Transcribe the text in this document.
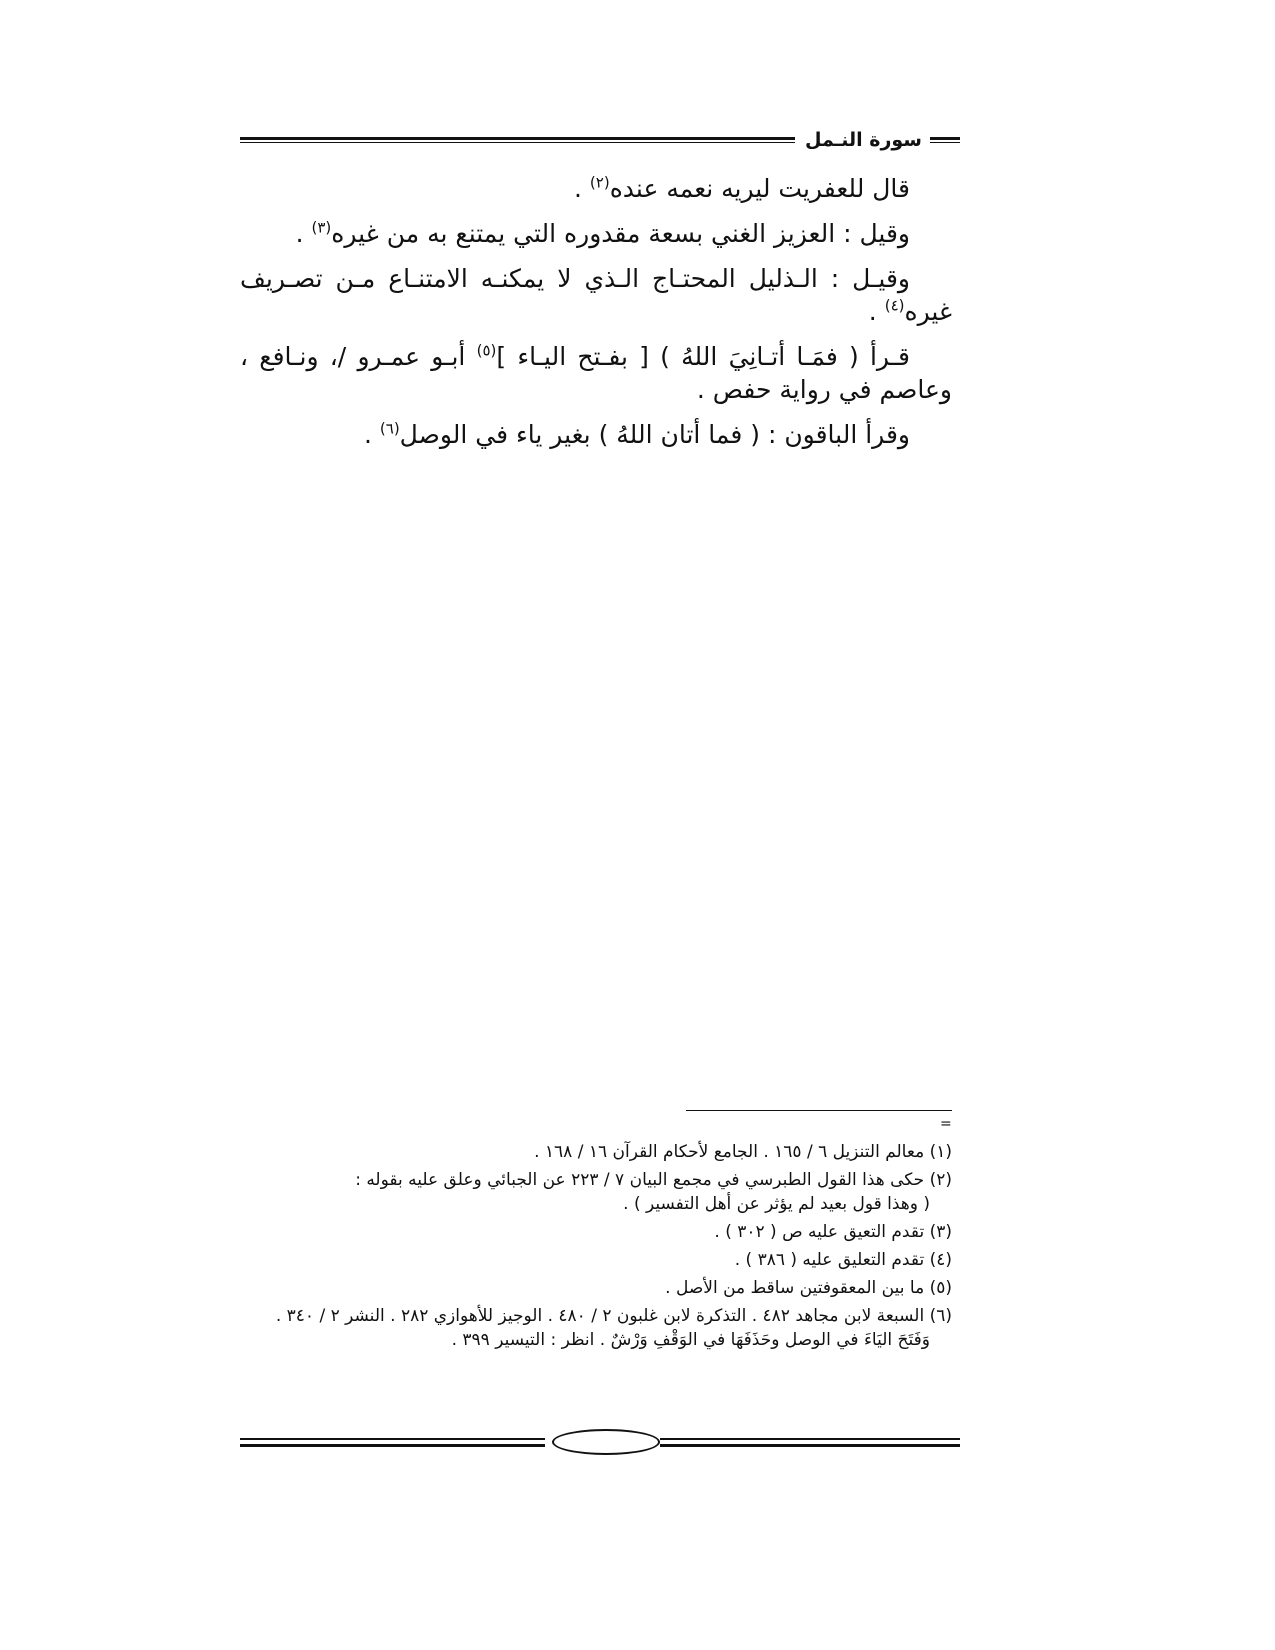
سورة النـمل

قال للعفريت ليريه نعمه عنده$^{(٢)}$ .

وقيل : العزيز الغني بسعة مقدوره التي يمتنع به من غيره$^{(٣)}$ .

وقيـل : الـذليل المحتـاج الـذي لا يمكنـه الامتنـاع مـن تصـريف غيره$^{(٤)}$ .

قـرأ ( فمَـا أتـانِيَ اللهُ ) [ بفـتح اليـاء ]$^{(٥)}$ أبـو عمـرو /، ونـافع ، وعاصم في رواية حفص .

وقرأ الباقون : ( فما أتان اللهُ ) بغير ياء في الوصل$^{(٦)}$ .

=
(١) معالم التنزيل ٦ / ١٦٥ . الجامع لأحكام القرآن ١٦ / ١٦٨ .
(٢) حكى هذا القول الطبرسي في مجمع البيان ٧ / ٢٢٣ عن الجبائي وعلق عليه بقوله :
( وهذا قول بعيد لم يؤثر عن أهل التفسير ) .
(٣) تقدم التعيق عليه ص ( ٣٠٢ ) .
(٤) تقدم التعليق عليه ( ٣٨٦ ) .
(٥) ما بين المعقوفتين ساقط من الأصل .
(٦) السبعة لابن مجاهد ٤٨٢ . التذكرة لابن غلبون ٢ / ٤٨٠ . الوجيز للأهوازي ٢٨٢ . النشر ٢ / ٣٤٠ .
وَفَتَحَ اليَاءَ في الوصل وحَذَفَهَا في الوَقْفِ وَرْشٌ . انظر : التيسير ٣٩٩ .
